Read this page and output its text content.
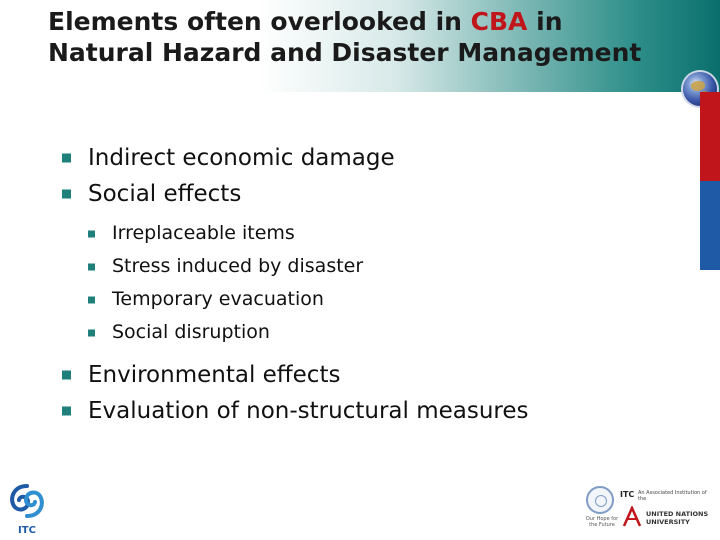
Elements often overlooked in CBA in Natural Hazard and Disaster Management
Indirect economic damage
Social effects
Irreplaceable items
Stress induced by disaster
Temporary evacuation
Social disruption
Environmental effects
Evaluation of non-structural measures
ITC
Our Hope for the Future
ITC An Associated Institution of the
UNITED NATIONS
UNIVERSITY
